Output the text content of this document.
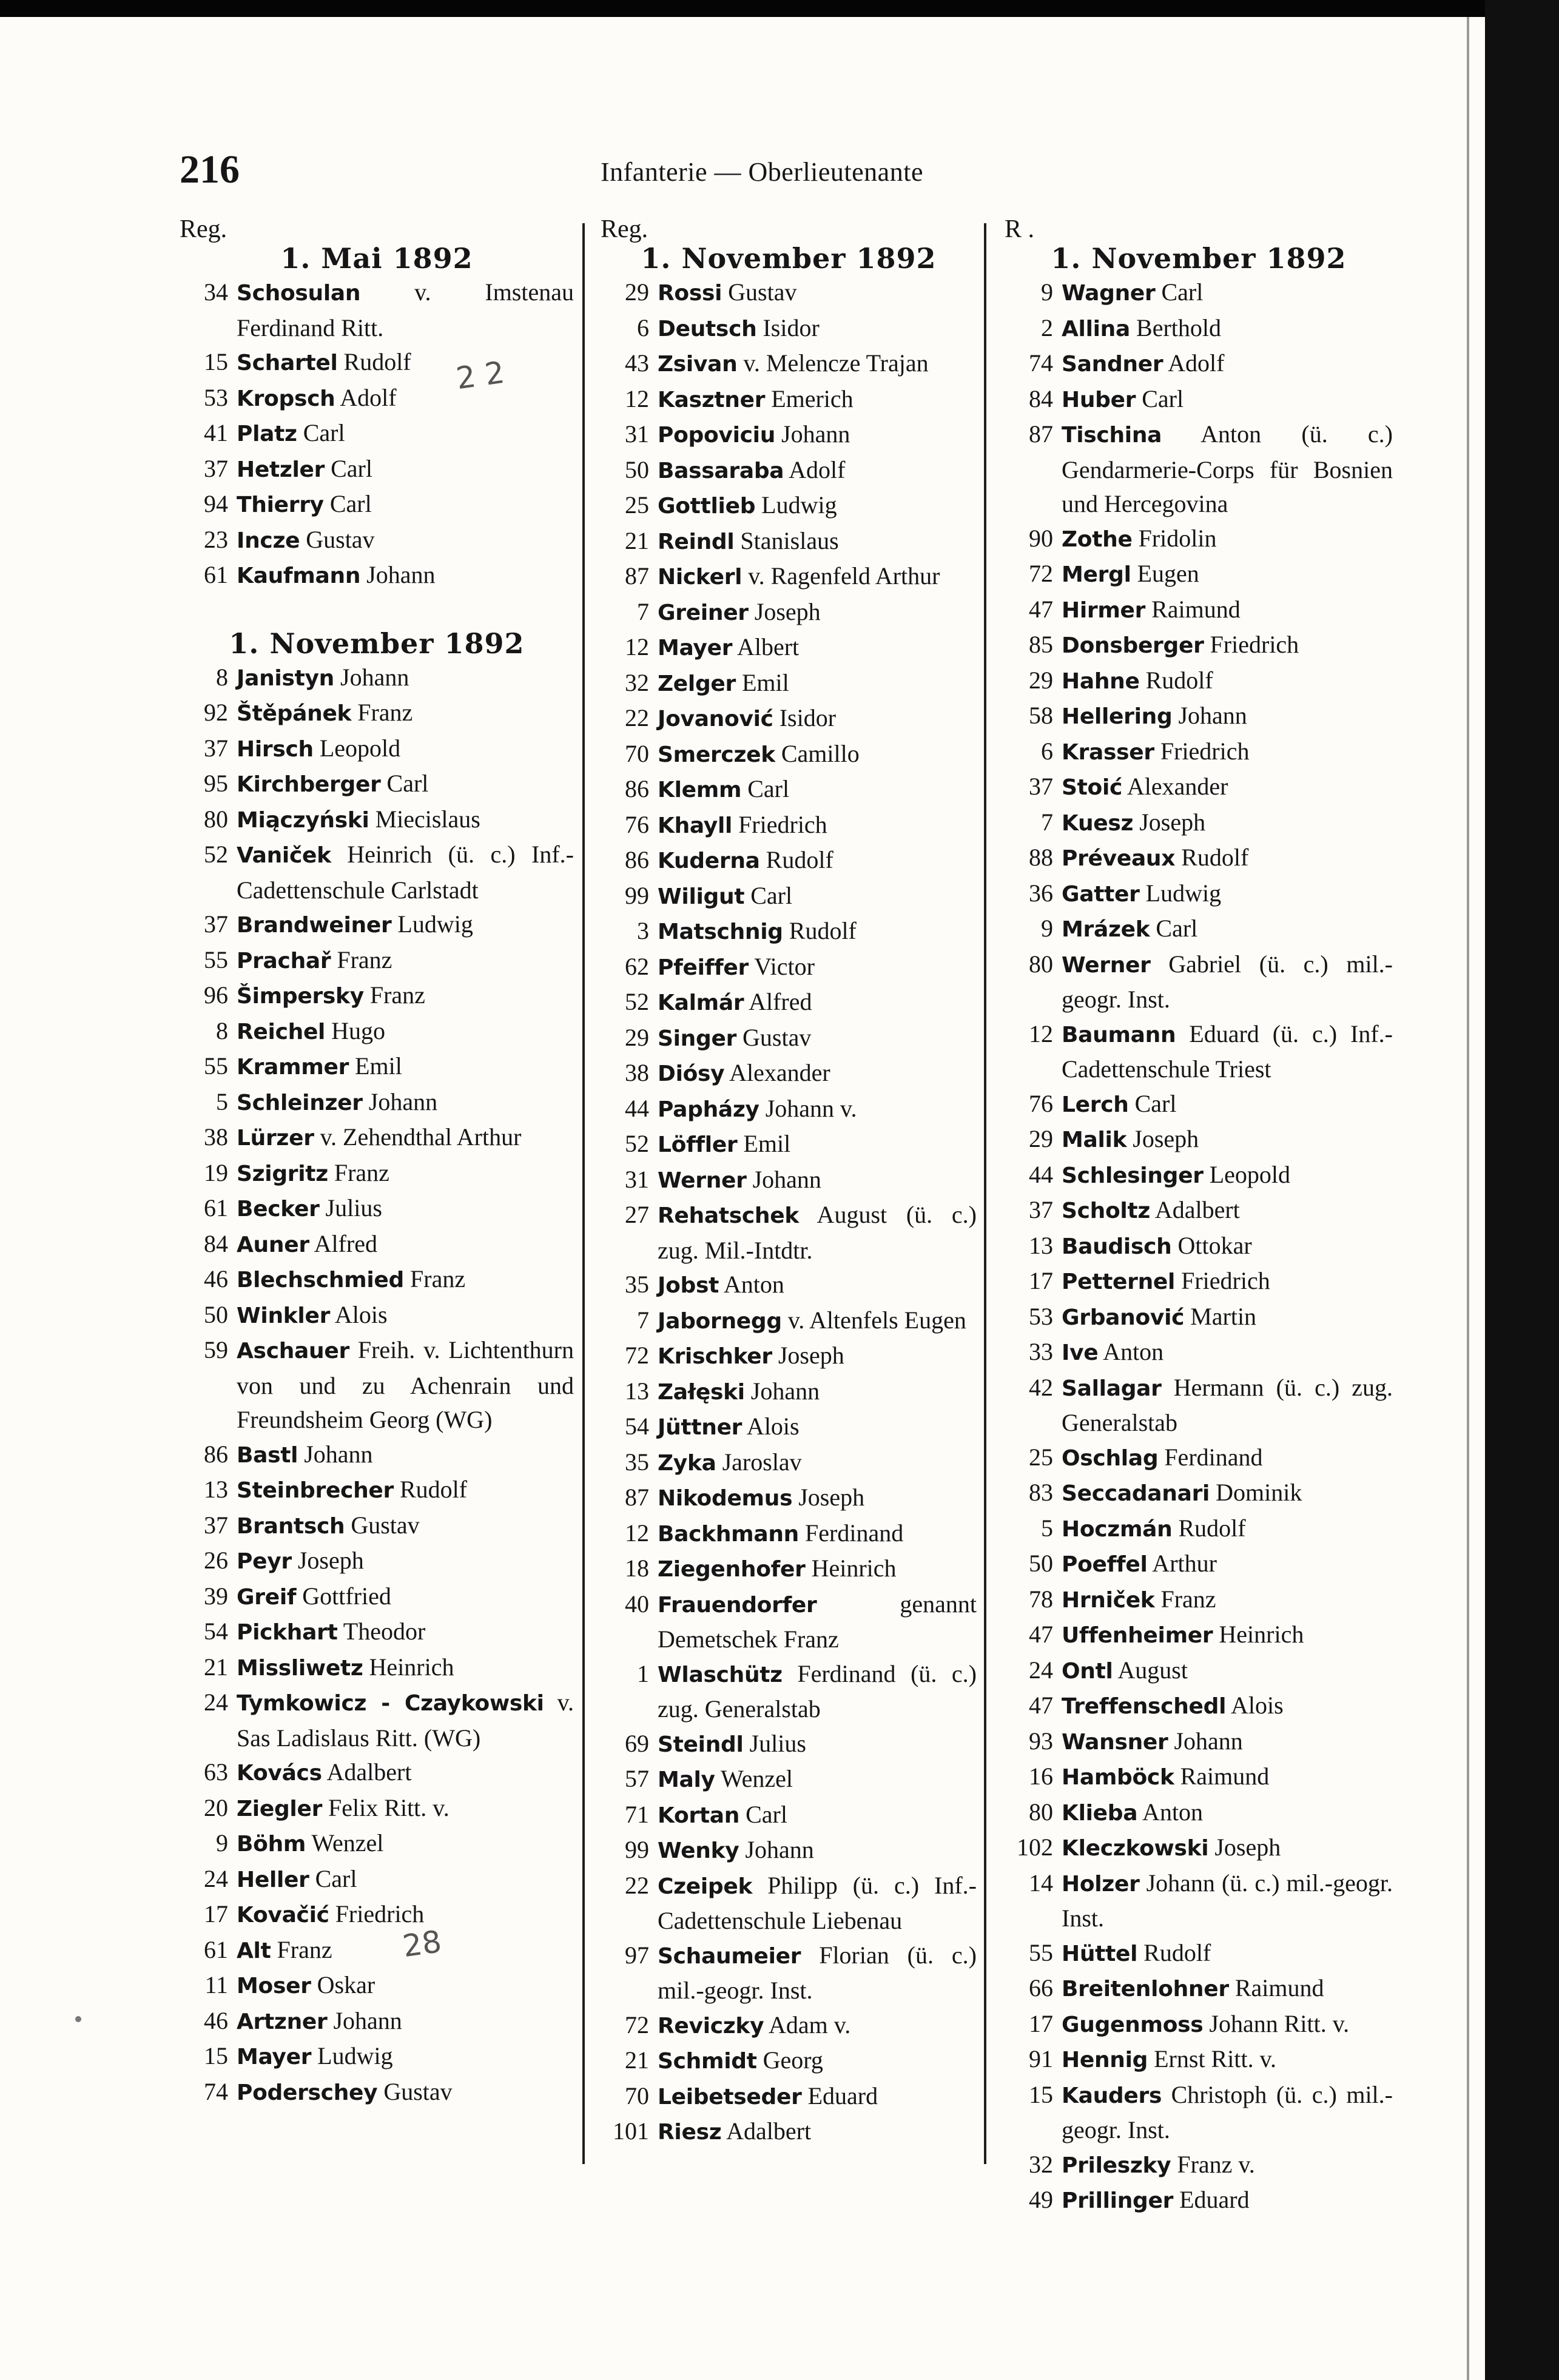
216	Infanterie — Oberlieutenante
Reg.
1. Mai 1892
34 Schosulan v. Imstenau Ferdinand Ritt.
15 Schartel Rudolf
53 Kropsch Adolf
41 Platz Carl
37 Hetzler Carl
94 Thierry Carl
23 Incze Gustav
61 Kaufmann Johann
1. November 1892
8 Janistyn Johann
92 Štěpánek Franz
37 Hirsch Leopold
95 Kirchberger Carl
80 Miączyński Miecislaus
52 Vaniček Heinrich (ü. c.) Inf.-Cadettenschule Carlstadt
37 Brandweiner Ludwig
55 Prachař Franz
96 Šimpersky Franz
8 Reichel Hugo
55 Krammer Emil
5 Schleinzer Johann
38 Lürzer v. Zehendthal Arthur
19 Szigritz Franz
61 Becker Julius
84 Auner Alfred
46 Blechschmied Franz
50 Winkler Alois
59 Aschauer Freih. v. Lichtenthurn von und zu Achenrain und Freundsheim Georg (WG)
86 Bastl Johann
13 Steinbrecher Rudolf
37 Brantsch Gustav
26 Peyr Joseph
39 Greif Gottfried
54 Pickhart Theodor
21 Missliwetz Heinrich
24 Tymkowicz - Czaykowski v. Sas Ladislaus Ritt. (WG)
63 Kovács Adalbert
20 Ziegler Felix Ritt. v.
9 Böhm Wenzel
24 Heller Carl
17 Kovačić Friedrich
61 Alt Franz
11 Moser Oskar
46 Artzner Johann
15 Mayer Ludwig
74 Poderschey Gustav
Reg.
1. November 1892
29 Rossi Gustav
6 Deutsch Isidor
43 Zsivan v. Melencze Trajan
12 Kasztner Emerich
31 Popoviciu Johann
50 Bassaraba Adolf
25 Gottlieb Ludwig
21 Reindl Stanislaus
87 Nickerl v. Ragenfeld Arthur
7 Greiner Joseph
12 Mayer Albert
32 Zelger Emil
22 Jovanović Isidor
70 Smerczek Camillo
86 Klemm Carl
76 Khayll Friedrich
86 Kuderna Rudolf
99 Wiligut Carl
3 Matschnig Rudolf
62 Pfeiffer Victor
52 Kalmár Alfred
29 Singer Gustav
38 Diósy Alexander
44 Papházy Johann v.
52 Löffler Emil
31 Werner Johann
27 Rehatschek August (ü. c.) zug. Mil.-Intdtr.
35 Jobst Anton
7 Jabornegg v. Altenfels Eugen
72 Krischker Joseph
13 Załęski Johann
54 Jüttner Alois
35 Zyka Jaroslav
87 Nikodemus Joseph
12 Backhmann Ferdinand
18 Ziegenhofer Heinrich
40 Frauendorfer genannt Demetschek Franz
1 Wlaschütz Ferdinand (ü. c.) zug. Generalstab
69 Steindl Julius
57 Maly Wenzel
71 Kortan Carl
99 Wenky Johann
22 Czeipek Philipp (ü. c.) Inf.-Cadettenschule Liebenau
97 Schaumeier Florian (ü. c.) mil.-geogr. Inst.
72 Reviczky Adam v.
21 Schmidt Georg
70 Leibetseder Eduard
101 Riesz Adalbert
R .
1. November 1892
9 Wagner Carl
2 Allina Berthold
74 Sandner Adolf
84 Huber Carl
87 Tischina Anton (ü. c.) Gendarmerie-Corps für Bosnien und Hercegovina
90 Zothe Fridolin
72 Mergl Eugen
47 Hirmer Raimund
85 Donsberger Friedrich
29 Hahne Rudolf
58 Hellering Johann
6 Krasser Friedrich
37 Stoić Alexander
7 Kuesz Joseph
88 Préveaux Rudolf
36 Gatter Ludwig
9 Mrázek Carl
80 Werner Gabriel (ü. c.) mil.-geogr. Inst.
12 Baumann Eduard (ü. c.) Inf.-Cadettenschule Triest
76 Lerch Carl
29 Malik Joseph
44 Schlesinger Leopold
37 Scholtz Adalbert
13 Baudisch Ottokar
17 Petternel Friedrich
53 Grbanović Martin
33 Ive Anton
42 Sallagar Hermann (ü. c.) zug. Generalstab
25 Oschlag Ferdinand
83 Seccadanari Dominik
5 Hoczmán Rudolf
50 Poeffel Arthur
78 Hrniček Franz
47 Uffenheimer Heinrich
24 Ontl August
47 Treffenschedl Alois
93 Wansner Johann
16 Hamböck Raimund
80 Klieba Anton
102 Kleczkowski Joseph
14 Holzer Johann (ü. c.) mil.-geogr. Inst.
55 Hüttel Rudolf
66 Breitenlohner Raimund
17 Gugenmoss Johann Ritt. v.
91 Hennig Ernst Ritt. v.
15 Kauders Christoph (ü. c.) mil.-geogr. Inst.
32 Prileszky Franz v.
49 Prillinger Eduard
2 2
28
